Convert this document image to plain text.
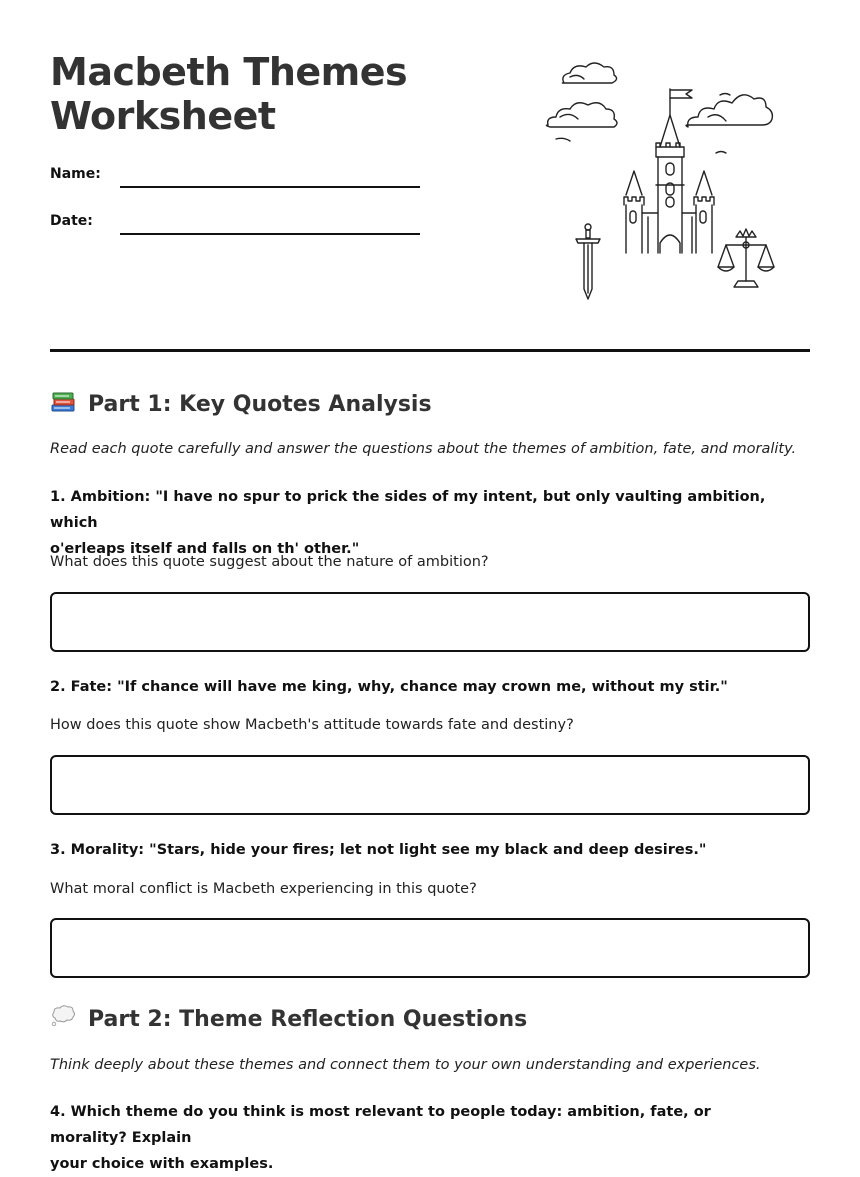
Macbeth Themes
Worksheet
Name:
Date:
Part 1: Key Quotes Analysis
Read each quote carefully and answer the questions about the themes of ambition, fate, and morality.
1. Ambition: "I have no spur to prick the sides of my intent, but only vaulting ambition, which
o'erleaps itself and falls on th' other."
What does this quote suggest about the nature of ambition?
2. Fate: "If chance will have me king, why, chance may crown me, without my stir."
How does this quote show Macbeth's attitude towards fate and destiny?
3. Morality: "Stars, hide your fires; let not light see my black and deep desires."
What moral conflict is Macbeth experiencing in this quote?
Part 2: Theme Reflection Questions
Think deeply about these themes and connect them to your own understanding and experiences.
4. Which theme do you think is most relevant to people today: ambition, fate, or morality? Explain
your choice with examples.
